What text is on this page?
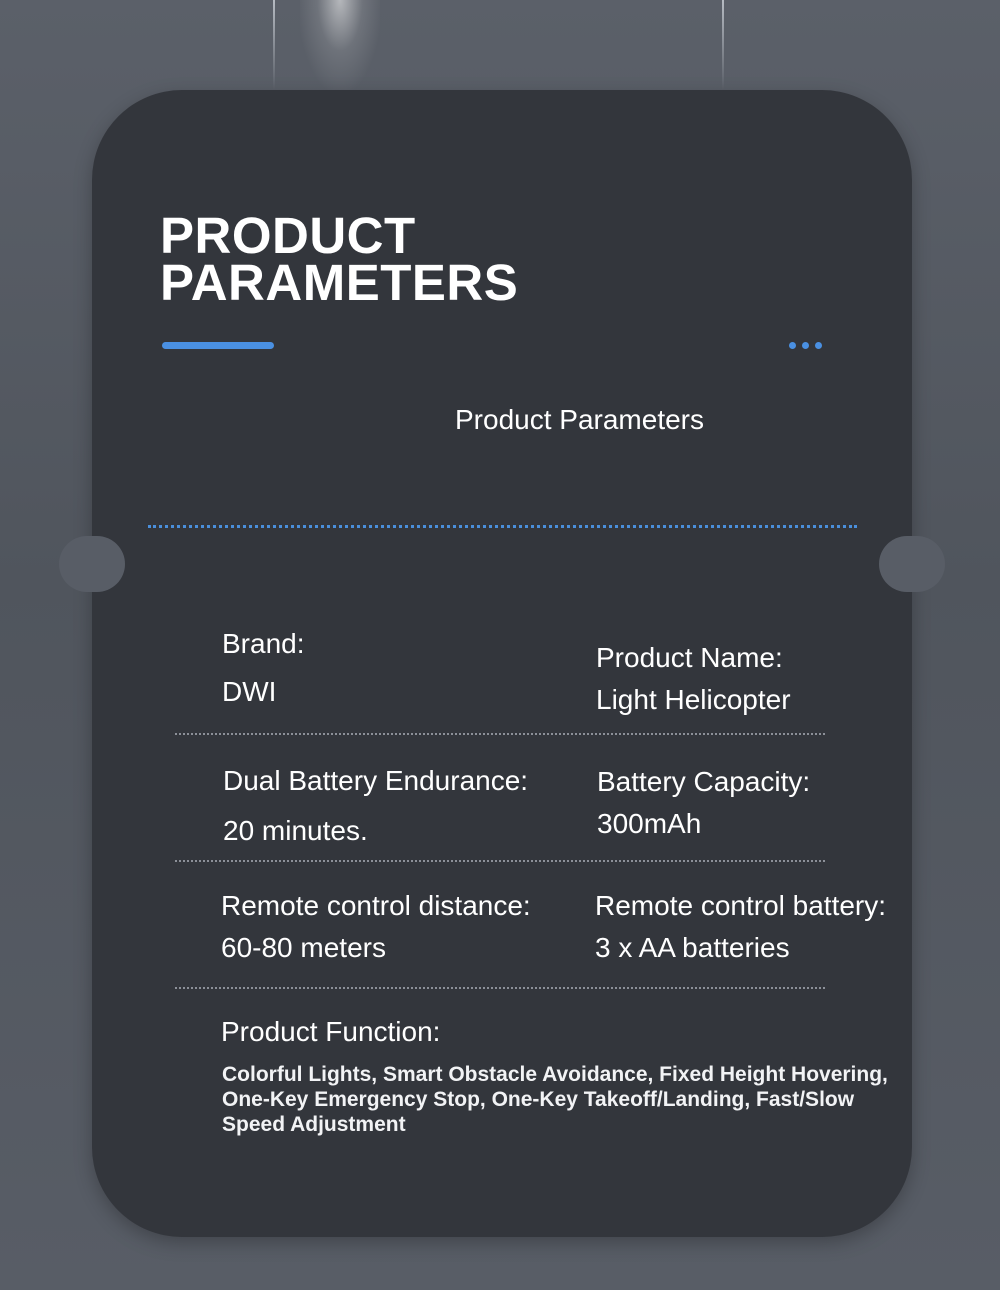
PRODUCT
PARAMETERS
Product Parameters
Brand:
DWI
Product Name:
Light Helicopter
Dual Battery Endurance:
20 minutes.
Battery Capacity:
300mAh
Remote control distance:
60-80 meters
Remote control battery:
3 x AA batteries
Product Function:
Colorful Lights, Smart Obstacle Avoidance, Fixed Height Hovering, One-Key Emergency Stop, One-Key Takeoff/Landing, Fast/Slow Speed Adjustment
